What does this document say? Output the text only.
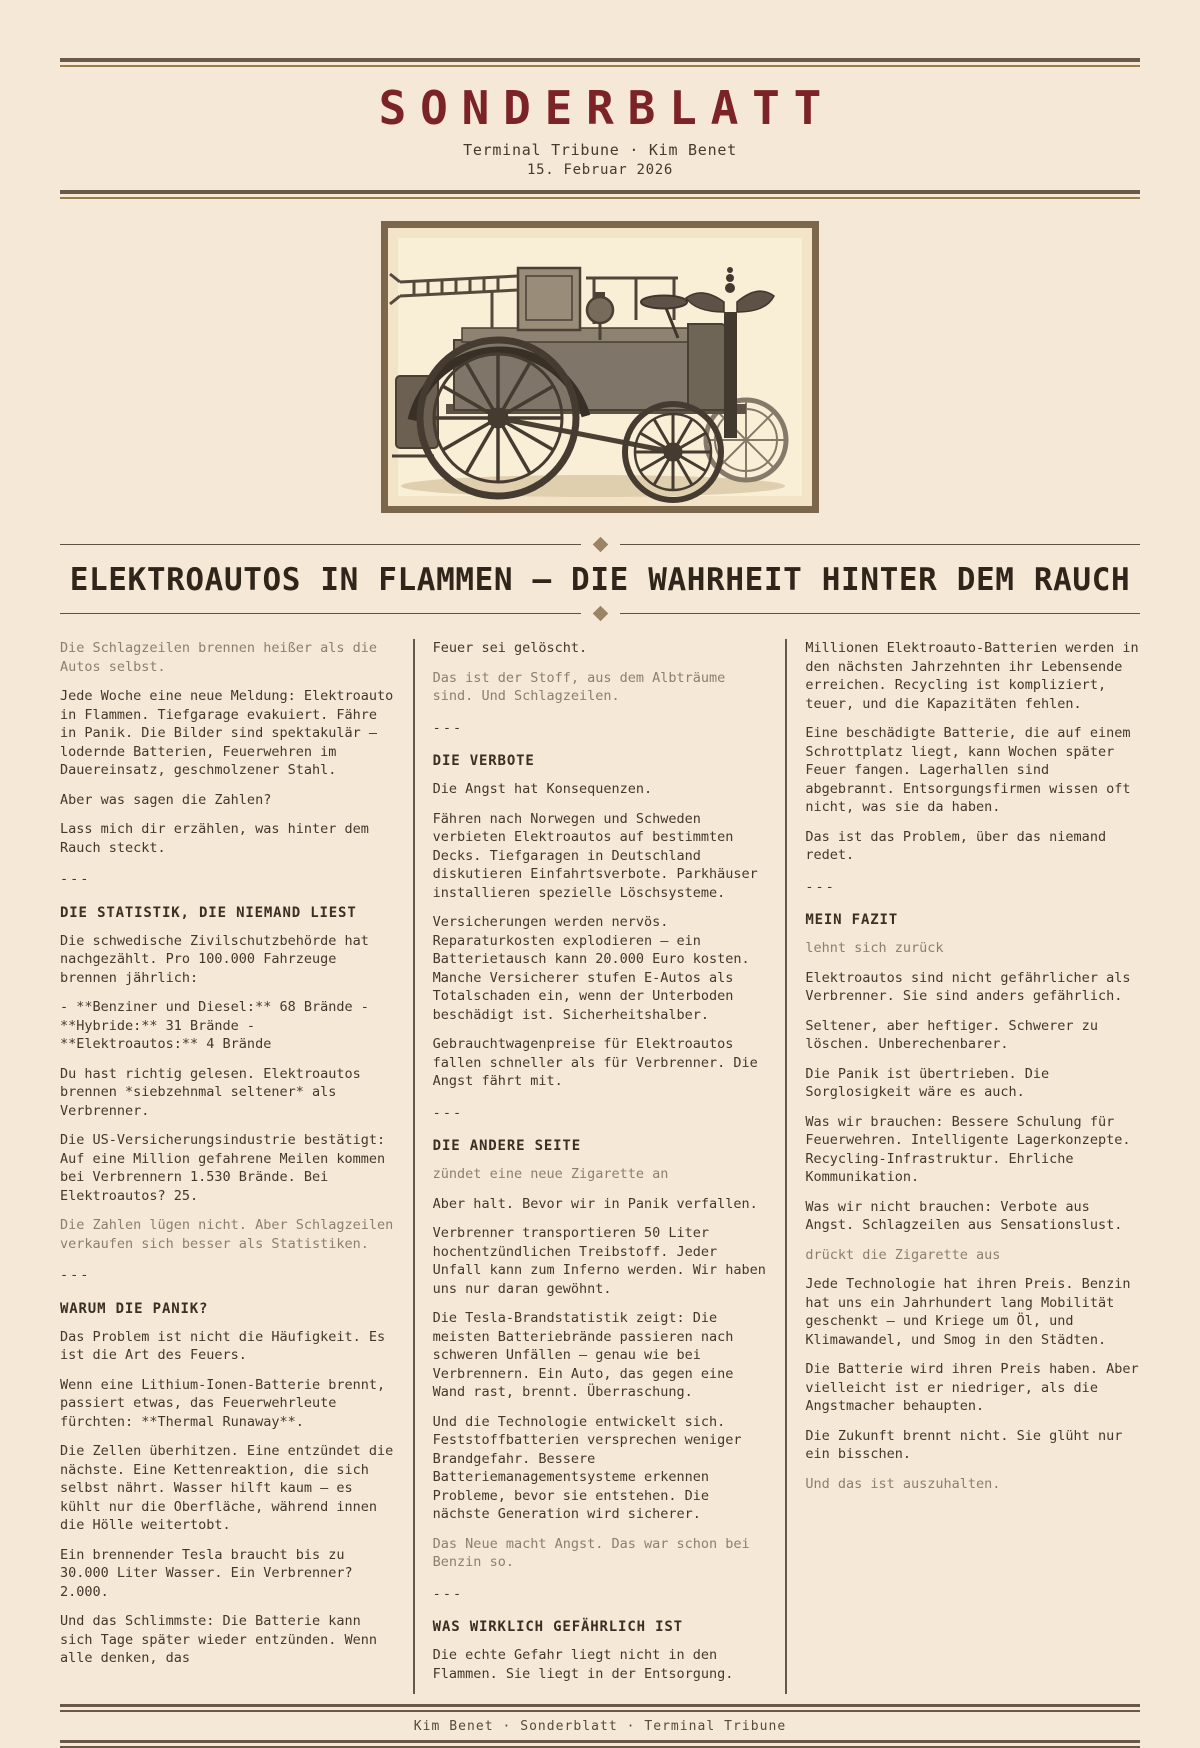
SONDERBLATT
Terminal Tribune · Kim Benet
15. Februar 2026
ELEKTROAUTOS IN FLAMMEN — DIE WAHRHEIT HINTER DEM RAUCH

Die Schlagzeilen brennen heißer als die Autos selbst.

Jede Woche eine neue Meldung: Elektroauto in Flammen. Tiefgarage evakuiert. Fähre in Panik. Die Bilder sind spektakulär — lodernde Batterien, Feuerwehren im Dauereinsatz, geschmolzener Stahl.

Aber was sagen die Zahlen?

Lass mich dir erzählen, was hinter dem Rauch steckt.

---

DIE STATISTIK, DIE NIEMAND LIEST

Die schwedische Zivilschutzbehörde hat nachgezählt. Pro 100.000 Fahrzeuge brennen jährlich:

- **Benziner und Diesel:** 68 Brände - **Hybride:** 31 Brände - **Elektroautos:** 4 Brände

Du hast richtig gelesen. Elektroautos brennen *siebzehnmal seltener* als Verbrenner.

Die US-Versicherungsindustrie bestätigt: Auf eine Million gefahrene Meilen kommen bei Verbrennern 1.530 Brände. Bei Elektroautos? 25.

Die Zahlen lügen nicht. Aber Schlagzeilen verkaufen sich besser als Statistiken.

---

WARUM DIE PANIK?

Das Problem ist nicht die Häufigkeit. Es ist die Art des Feuers.

Wenn eine Lithium-Ionen-Batterie brennt, passiert etwas, das Feuerwehrleute fürchten: **Thermal Runaway**.

Die Zellen überhitzen. Eine entzündet die nächste. Eine Kettenreaktion, die sich selbst nährt. Wasser hilft kaum — es kühlt nur die Oberfläche, während innen die Hölle weitertobt.

Ein brennender Tesla braucht bis zu 30.000 Liter Wasser. Ein Verbrenner? 2.000.

Und das Schlimmste: Die Batterie kann sich Tage später wieder entzünden. Wenn alle denken, das

Feuer sei gelöscht.

Das ist der Stoff, aus dem Albträume sind. Und Schlagzeilen.

---

DIE VERBOTE

Die Angst hat Konsequenzen.

Fähren nach Norwegen und Schweden verbieten Elektroautos auf bestimmten Decks. Tiefgaragen in Deutschland diskutieren Einfahrtsverbote. Parkhäuser installieren spezielle Löschsysteme.

Versicherungen werden nervös. Reparaturkosten explodieren — ein Batterietausch kann 20.000 Euro kosten. Manche Versicherer stufen E-Autos als Totalschaden ein, wenn der Unterboden beschädigt ist. Sicherheitshalber.

Gebrauchtwagenpreise für Elektroautos fallen schneller als für Verbrenner. Die Angst fährt mit.

---

DIE ANDERE SEITE

zündet eine neue Zigarette an

Aber halt. Bevor wir in Panik verfallen.

Verbrenner transportieren 50 Liter hochentzündlichen Treibstoff. Jeder Unfall kann zum Inferno werden. Wir haben uns nur daran gewöhnt.

Die Tesla-Brandstatistik zeigt: Die meisten Batteriebrände passieren nach schweren Unfällen — genau wie bei Verbrennern. Ein Auto, das gegen eine Wand rast, brennt. Überraschung.

Und die Technologie entwickelt sich. Feststoffbatterien versprechen weniger Brandgefahr. Bessere Batteriemanagementsysteme erkennen Probleme, bevor sie entstehen. Die nächste Generation wird sicherer.

Das Neue macht Angst. Das war schon bei Benzin so.

---

WAS WIRKLICH GEFÄHRLICH IST

Die echte Gefahr liegt nicht in den Flammen. Sie liegt in der Entsorgung.

Millionen Elektroauto-Batterien werden in den nächsten Jahrzehnten ihr Lebensende erreichen. Recycling ist kompliziert, teuer, und die Kapazitäten fehlen.

Eine beschädigte Batterie, die auf einem Schrottplatz liegt, kann Wochen später Feuer fangen. Lagerhallen sind abgebrannt. Entsorgungsfirmen wissen oft nicht, was sie da haben.

Das ist das Problem, über das niemand redet.

---

MEIN FAZIT

lehnt sich zurück

Elektroautos sind nicht gefährlicher als Verbrenner. Sie sind anders gefährlich.

Seltener, aber heftiger. Schwerer zu löschen. Unberechenbarer.

Die Panik ist übertrieben. Die Sorglosigkeit wäre es auch.

Was wir brauchen: Bessere Schulung für Feuerwehren. Intelligente Lagerkonzepte. Recycling-Infrastruktur. Ehrliche Kommunikation.

Was wir nicht brauchen: Verbote aus Angst. Schlagzeilen aus Sensationslust.

drückt die Zigarette aus

Jede Technologie hat ihren Preis. Benzin hat uns ein Jahrhundert lang Mobilität geschenkt — und Kriege um Öl, und Klimawandel, und Smog in den Städten.

Die Batterie wird ihren Preis haben. Aber vielleicht ist er niedriger, als die Angstmacher behaupten.

Die Zukunft brennt nicht. Sie glüht nur ein bisschen.

Und das ist auszuhalten.

Kim Benet · Sonderblatt · Terminal Tribune
